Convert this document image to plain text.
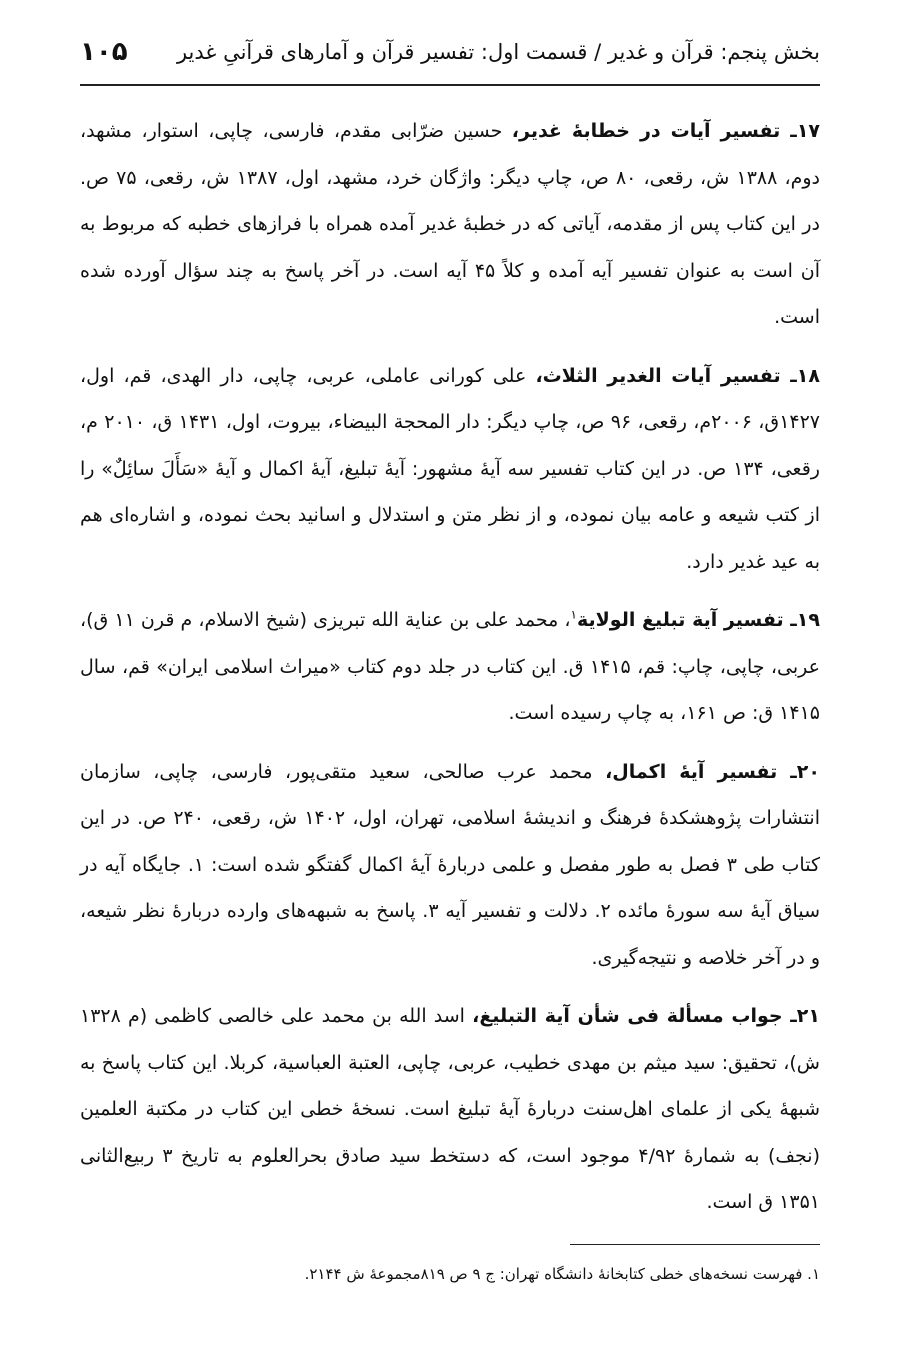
بخش پنجم: قرآن و غدیر / قسمت اول: تفسیر قرآن و آمارهای قرآنیِ غدیر
۱۰۵

۱۷ـ تفسیر آیات در خطابهٔ غدیر، حسین ضرّابی مقدم، فارسی، چاپی، استوار، مشهد، دوم، ۱۳۸۸ ش، رقعی، ۸۰ ص، چاپ دیگر: واژگان خرد، مشهد، اول، ۱۳۸۷ ش، رقعی، ۷۵ ص. در این کتاب پس از مقدمه، آیاتی که در خطبهٔ غدیر آمده همراه با فرازهای خطبه که مربوط به آن است به عنوان تفسیر آیه آمده و کلاً ۴۵ آیه است. در آخر پاسخ به چند سؤال آورده شده است.

۱۸ـ تفسیر آیات الغدیر الثلاث، علی کورانی عاملی، عربی، چاپی، دار الهدی، قم، اول، ۱۴۲۷ق، ۲۰۰۶م، رقعی، ۹۶ ص، چاپ دیگر: دار المحجة البیضاء، بیروت، اول، ۱۴۳۱ ق، ۲۰۱۰ م، رقعی، ۱۳۴ ص. در این کتاب تفسیر سه آیهٔ مشهور: آیهٔ تبلیغ، آیهٔ اکمال و آیهٔ «سَأَلَ سائِلٌ» را از کتب شیعه و عامه بیان نموده، و از نظر متن و استدلال و اسانید بحث نموده، و اشاره‌ای هم به عید غدیر دارد.

۱۹ـ تفسیر آیة تبلیغ الولایة$^۱$، محمد علی بن عنایة الله تبریزی (شیخ الاسلام، م قرن ۱۱ ق)، عربی، چاپی، چاپ: قم، ۱۴۱۵ ق. این کتاب در جلد دوم کتاب «میراث اسلامی ایران» قم، سال ۱۴۱۵ ق: ص ۱۶۱، به چاپ رسیده است.

۲۰ـ تفسیر آیهٔ اکمال، محمد عرب صالحی، سعید متقی‌پور، فارسی، چاپی، سازمان انتشارات پژوهشکدهٔ فرهنگ و اندیشهٔ اسلامی، تهران، اول، ۱۴۰۲ ش، رقعی، ۲۴۰ ص. در این کتاب طی ۳ فصل به طور مفصل و علمی دربارهٔ آیهٔ اکمال گفتگو شده است: ۱. جایگاه آیه در سیاق آیهٔ سه سورهٔ مائده ۲. دلالت و تفسیر آیه ۳. پاسخ به شبهه‌های وارده دربارهٔ نظر شیعه، و در آخر خلاصه و نتیجه‌گیری.

۲۱ـ جواب مسألة فی شأن آیة التبلیغ، اسد الله بن محمد علی خالصی کاظمی (م ۱۳۲۸ ش)، تحقیق: سید میثم بن مهدی خطیب، عربی، چاپی، العتبة العباسیة، کربلا. این کتاب پاسخ به شبههٔ یکی از علمای اهل‌سنت دربارهٔ آیهٔ تبلیغ است. نسخهٔ خطی این کتاب در مکتبة العلمین (نجف) به شمارهٔ ۴/۹۲ موجود است، که دستخط سید صادق بحرالعلوم به تاریخ ۳ ربیع‌الثانی ۱۳۵۱ ق است.

۱. فهرست نسخه‌های خطی کتابخانهٔ دانشگاه تهران: ج ۹ ص ۸۱۹مجموعهٔ ش ۲۱۴۴.
